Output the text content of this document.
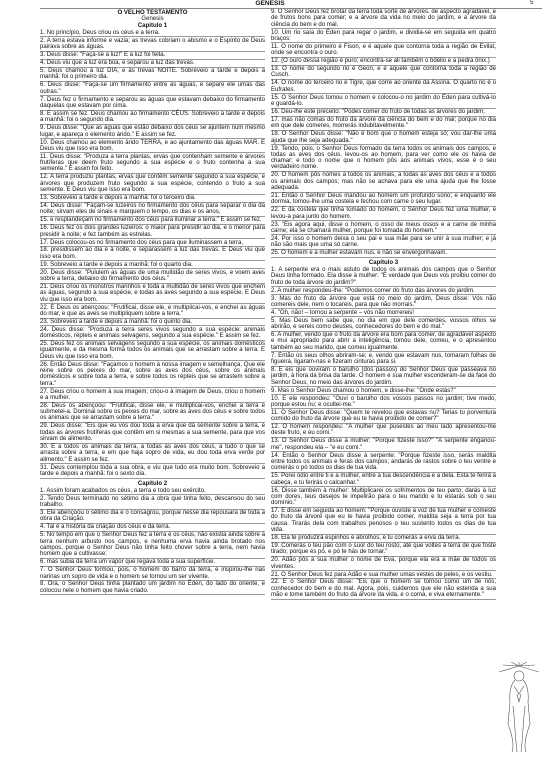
GENESIS	5
O VELHO TESTAMENTO
Genesis
Capitulo 1

1. No princípio, Deus criou os céus e a terra.

2. A terra estava informe e vazia; as trevas cobriam o abismo e o Espírito de Deus pairava sobre as águas.

3. Deus disse: "Faça-se a luz!" E a luz foi feita.

4. Deus viu que a luz era boa, e separou a luz das trevas.

5. Deus chamou à luz DIA, e às trevas NOITE. Sobreveio a tarde e depois a manhã: foi o primeiro dia.

6. Deus disse: "Faça-se um firmamento entre as águas, e separe ele umas das outras."

7. Deus fez o firmamento e separou as águas que estavam debaixo do firmamento daquelas que estavam por cima.

8. E assim se fez. Deus chamou ao firmamento CÉUS. Sobreveio a tarde e depois a manhã: foi o segundo dia.

9. Deus disse: "Que as águas que estão debaixo dos céus se ajuntem num mesmo lugar, e apareça o elemento árido." E assim se fez.

10. Deus chamou ao elemento árido TERRA, e ao ajuntamento das águas MAR. E Deus viu que isso era bom.

11. Deus disse: "Produza a terra plantas, ervas que contenham semente e árvores frutíferas que deem fruto segundo a sua espécie e o fruto contenha a sua semente." E assim foi feito.

12. A terra produziu plantas, ervas que contêm semente segundo a sua espécie, e árvores que produzem fruto segundo a sua espécie, contendo o fruto a sua semente. E Deus viu que isso era bom.

13. Sobreveio a tarde e depois a manhã: foi o terceiro dia.

14. Deus disse: "Façam-se luzeiros no firmamento dos céus para separar o dia da noite; sirvam eles de sinais e marquem o tempo, os dias e os anos,

15. e resplandeçam no firmamento dos céus para iluminar a terra." E assim se fez.

16. Deus fez os dois grandes luzeiros: o maior para presidir ao dia, e o menor para presidir à noite; e fez também as estrelas.

17. Deus colocou-os no firmamento dos céus para que iluminassem a terra,

18. presidissem ao dia e à noite, e separassem a luz das trevas. E Deus viu que isso era bom.

19. Sobreveio a tarde e depois a manhã: foi o quarto dia.

20. Deus disse: "Pululem as águas de uma multidão de seres vivos, e voem aves sobre a terra, debaixo do firmamento dos céus."

21. Deus criou os monstros marinhos e toda a multidão de seres vivos que enchem as águas, segundo a sua espécie, e todas as aves segundo a sua espécie. E Deus viu que isso era bom.

22. E Deus os abençoou: "Frutificai, disse ele, e multiplicai-vos, e enchei as águas do mar, e que as aves se multipliquem sobre a terra."

23. Sobreveio a tarde e depois a manhã: foi o quinto dia.

24. Deus disse: "Produza a terra seres vivos segundo a sua espécie: animais domésticos, répteis e animais selvagens, segundo a sua espécie." E assim se fez.

25. Deus fez os animais selvagens segundo a sua espécie, os animais domésticos igualmente, e da mesma forma todos os animais que se arrastam sobre a terra. E Deus viu que isso era bom.

26. Então Deus disse: "Façamos o homem à nossa imagem e semelhança. Que ele reine sobre os peixes do mar, sobre as aves dos céus, sobre os animais domésticos e sobre toda a terra, e sobre todos os répteis que se arrastem sobre a terra."

27. Deus criou o homem à sua imagem; criou-o à imagem de Deus, criou o homem e a mulher.

28. Deus os abençoou: "Frutificai, disse ele, e multiplicai-vos, enchei a terra e submetei-a. Dominai sobre os peixes do mar, sobre as aves dos céus e sobre todos os animais que se arrastam sobre a terra."

29. Deus disse: "Eis que eu vos dou toda a erva que dá semente sobre a terra, e todas as árvores frutíferas que contêm em si mesmas a sua semente, para que vos sirvam de alimento.

30. E a todos os animais da terra, a todas as aves dos céus, a tudo o que se arrasta sobre a terra, e em que haja sopro de vida, eu dou toda erva verde por alimento." E assim se fez.

31. Deus contemplou toda a sua obra, e viu que tudo era muito bom. Sobreveio a tarde e depois a manhã: foi o sexto dia.

Capítulo 2

1. Assim foram acabados os céus, a terra e todo seu exército.

2. Tendo Deus terminado no sétimo dia a obra que tinha feito, descansou do seu trabalho.

3. Ele abençoou o sétimo dia e o consagrou, porque nesse dia repousara de toda a obra da Criação.

4. Tal é a história da criação dos céus e da terra.

5. No tempo em que o Senhor Deus fez a terra e os céus, não existia ainda sobre a terra nenhum arbusto nos campos, e nenhuma erva havia ainda brotado nos campos, porque o Senhor Deus não tinha feito chover sobre a terra, nem havia homem que a cultivasse;

6. mas subia da terra um vapor que regava toda a sua superfície.

7. O Senhor Deus formou, pois, o homem do barro da terra, e inspirou-lhe nas narinas um sopro de vida e o homem se tornou um ser vivente.

8. Ora, o Senhor Deus tinha plantado um jardim no Éden, do lado do oriente, e colocou nele o homem que havia criado.

9. O Senhor Deus fez brotar da terra toda sorte de árvores, de aspecto agradável, e de frutos bons para comer; e a árvore da vida no meio do jardim, e a árvore da ciência do bem e do mal.

10. Um rio saía do Éden para regar o jardim, e dividia-se em seguida em quatro braços:

11. O nome do primeiro é Fison, e é aquele que contorna toda a região de Evilat, onde se encontra o ouro.

12. (O ouro dessa região é puro; encontra-se ali também o bdélio e a pedra ônix.)

13. O nome do segundo rio é Geon, e é aquele que contorna toda a região de Cusch.

14. O nome do terceiro rio é Tigre, que corre ao oriente da Assíria. O quarto rio é o Eufrates.

15. O Senhor Deus tomou o homem e colocou-o no jardim do Éden para cultivá-lo e guardá-lo.

16. Deu-lhe este preceito: "Podes comer do fruto de todas as árvores do jardim;

17. mas não comas do fruto da árvore da ciência do bem e do mal; porque no dia em que dele comeres, morrerás indubitavelmente."

18. O Senhor Deus disse: "Não é bom que o homem esteja só; vou dar-lhe uma ajuda que lhe seja adequada."

19. Tendo, pois, o Senhor Deus formado da terra todos os animais dos campos, e todas as aves dos céus, levou-os ao homem, para ver como ele os havia de chamar; e todo o nome que o homem pôs aos animais vivos, esse é o seu verdadeiro nome.

20. O homem pôs nomes a todos os animais, a todas as aves dos céus e a todos os animais dos campos; mas não se achava para ele uma ajuda que lhe fosse adequada.

21. Então o Senhor Deus mandou ao homem um profundo sono; e enquanto ele dormia, tomou-lhe uma costela e fechou com carne o seu lugar.

22. E da costela que tinha tomado do homem, o Senhor Deus fez uma mulher, e levou-a para junto do homem.

23. "Eis agora aqui, disse o homem, o osso de meus ossos e a carne de minha carne; ela se chamará mulher, porque foi tomada do homem."

24. Por isso o homem deixa o seu pai e sua mãe para se unir à sua mulher; e já não são mais que uma só carne.

25. O homem e a mulher estavam nus, e não se envergonhavam.

Capítulo 3

1. A serpente era o mais astuto de todos os animais dos campos que o Senhor Deus tinha formado. Ela disse à mulher: "É verdade que Deus vos proibiu comer do fruto de toda árvore do jardim?"

2. A mulher respondeu-lhe: "Podemos comer do fruto das árvores do jardim.

3. Mas do fruto da árvore que está no meio do jardim, Deus disse: Vós não comereis dele, nem o tocareis, para que não morrais."

4. "Oh, não! – tornou a serpente – vós não morrereis!

5. Mas Deus bem sabe que, no dia em que dele comerdes, vossos olhos se abrirão, e sereis como deuses, conhecedores do bem e do mal."

6. A mulher, vendo que o fruto da árvore era bom para comer, de agradável aspecto e mui apropriado para abrir a inteligência, tomou dele, comeu, e o apresentou também ao seu marido, que comeu igualmente.

7. Então os seus olhos abriram-se; e, vendo que estavam nus, tomaram folhas de figueira, ligaram-nas e fizeram cinturas para si.

8. E eis que ouviram o barulho (dos passos) do Senhor Deus que passeava no jardim, à hora da brisa da tarde. O homem e sua mulher esconderam-se da face do Senhor Deus, no meio das árvores do jardim.

9. Mas o Senhor Deus chamou o homem, e disse-lhe: "Onde estás?"

10. E ele respondeu: "Ouvi o barulho dos vossos passos no jardim; tive medo, porque estou nu; e ocultei-me."

11. O Senhor Deus disse: "Quem te revelou que estavas nu? Terias tu porventura comido do fruto da árvore que eu te havia proibido de comer?"

12. O homem respondeu: "A mulher que pusestes ao meu lado apresentou-me deste fruto, e eu comi."

13. O Senhor Deus disse à mulher: "Porque fizeste isso?" "A serpente enganou-me", respondeu ela – "e eu comi."

14. Então o Senhor Deus disse à serpente: "Porque fizeste isso, serás maldita entre todos os animais e feras dos campos; andarás de rastos sobre o teu ventre e comerás o pó todos os dias de tua vida.

15. Porei ódio entre ti e a mulher, entre a tua descendência e a dela. Esta te ferirá a cabeça, e tu ferirás o calcanhar."

16. Disse também à mulher: Multiplicarei os sofrimentos de teu parto; darás à luz com dores, teus desejos te impelirão para o teu marido e tu estarás sob o seu domínio."

17. E disse em seguida ao homem: "Porque ouviste a voz de tua mulher e comeste do fruto da árvore que eu te havia proibido comer, maldita seja a terra por tua causa. Tirarás dela com trabalhos penosos o teu sustento todos os dias de tua vida.

18. Ela te produzirá espinhos e abrolhos, e tu comerás a erva da terra.

19. Comerás o teu pão com o suor do teu rosto, até que voltes à terra de que foste tirado; porque és pó, e pó te hás de tornar."

20. Adão pôs a sua mulher o nome de Eva, porque ela era a mãe de todos os viventes.

21. O Senhor Deus fez para Adão e sua mulher umas vestes de peles, e os vestiu.

22. E o Senhor Deus disse: "Eis que o homem se tornou como um de nós, conhecedor do bem e do mal. Agora, pois, cuidemos que ele não estenda a sua mão e tome também do fruto da árvore da vida, e o coma, e viva eternamente."
